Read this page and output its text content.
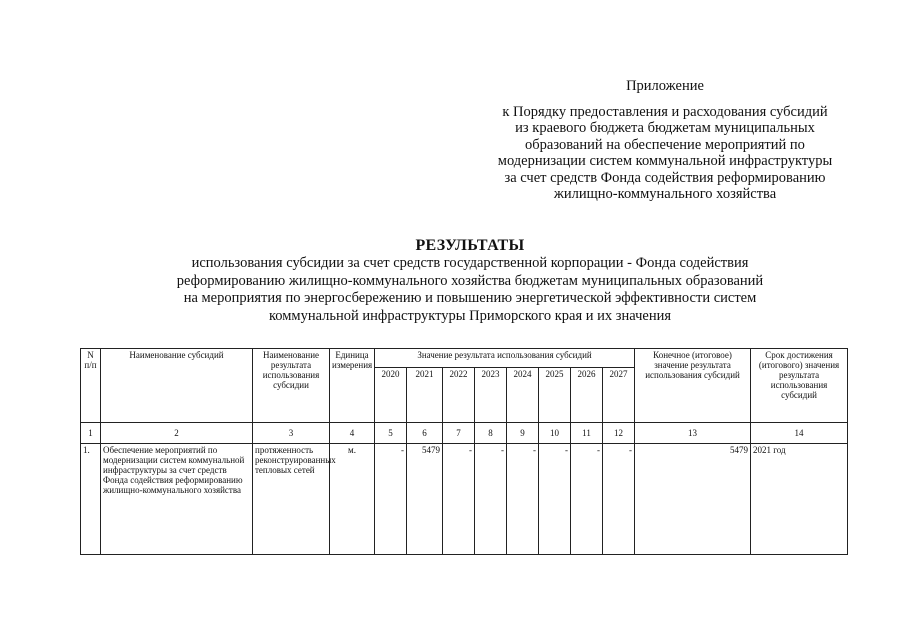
Приложение
к Порядку предоставления и расходования субсидий
из краевого бюджета бюджетам муниципальных
образований на обеспечение мероприятий по
модернизации систем коммунальной инфраструктуры
за счет средств Фонда содействия реформированию
жилищно-коммунального хозяйства
РЕЗУЛЬТАТЫ
использования субсидии за счет средств государственной корпорации - Фонда содействия
реформированию жилищно-коммунального хозяйства бюджетам муниципальных образований
на мероприятия по энергосбережению и повышению энергетической эффективности систем
коммунальной инфраструктуры Приморского края и их значения
N п/п	Наименование субсидий	Наименование результата использования субсидии	Единица измерения	Значение результата использования субсидий								Конечное (итоговое) значение результата использования субсидий	Срок достижения (итогового) значения результата использования субсидий
				2020	2021	2022	2023	2024	2025	2026	2027		
1	2	3	4	5	6	7	8	9	10	11	12	13	14
1.	Обеспечение мероприятий по модернизации систем коммунальной инфраструктуры за счет средств Фонда содействия реформированию жилищно-коммунального хозяйства	протяженность реконструированных тепловых сетей	м.	-	5479	-	-	-	-	-	-	5479	2021 год
